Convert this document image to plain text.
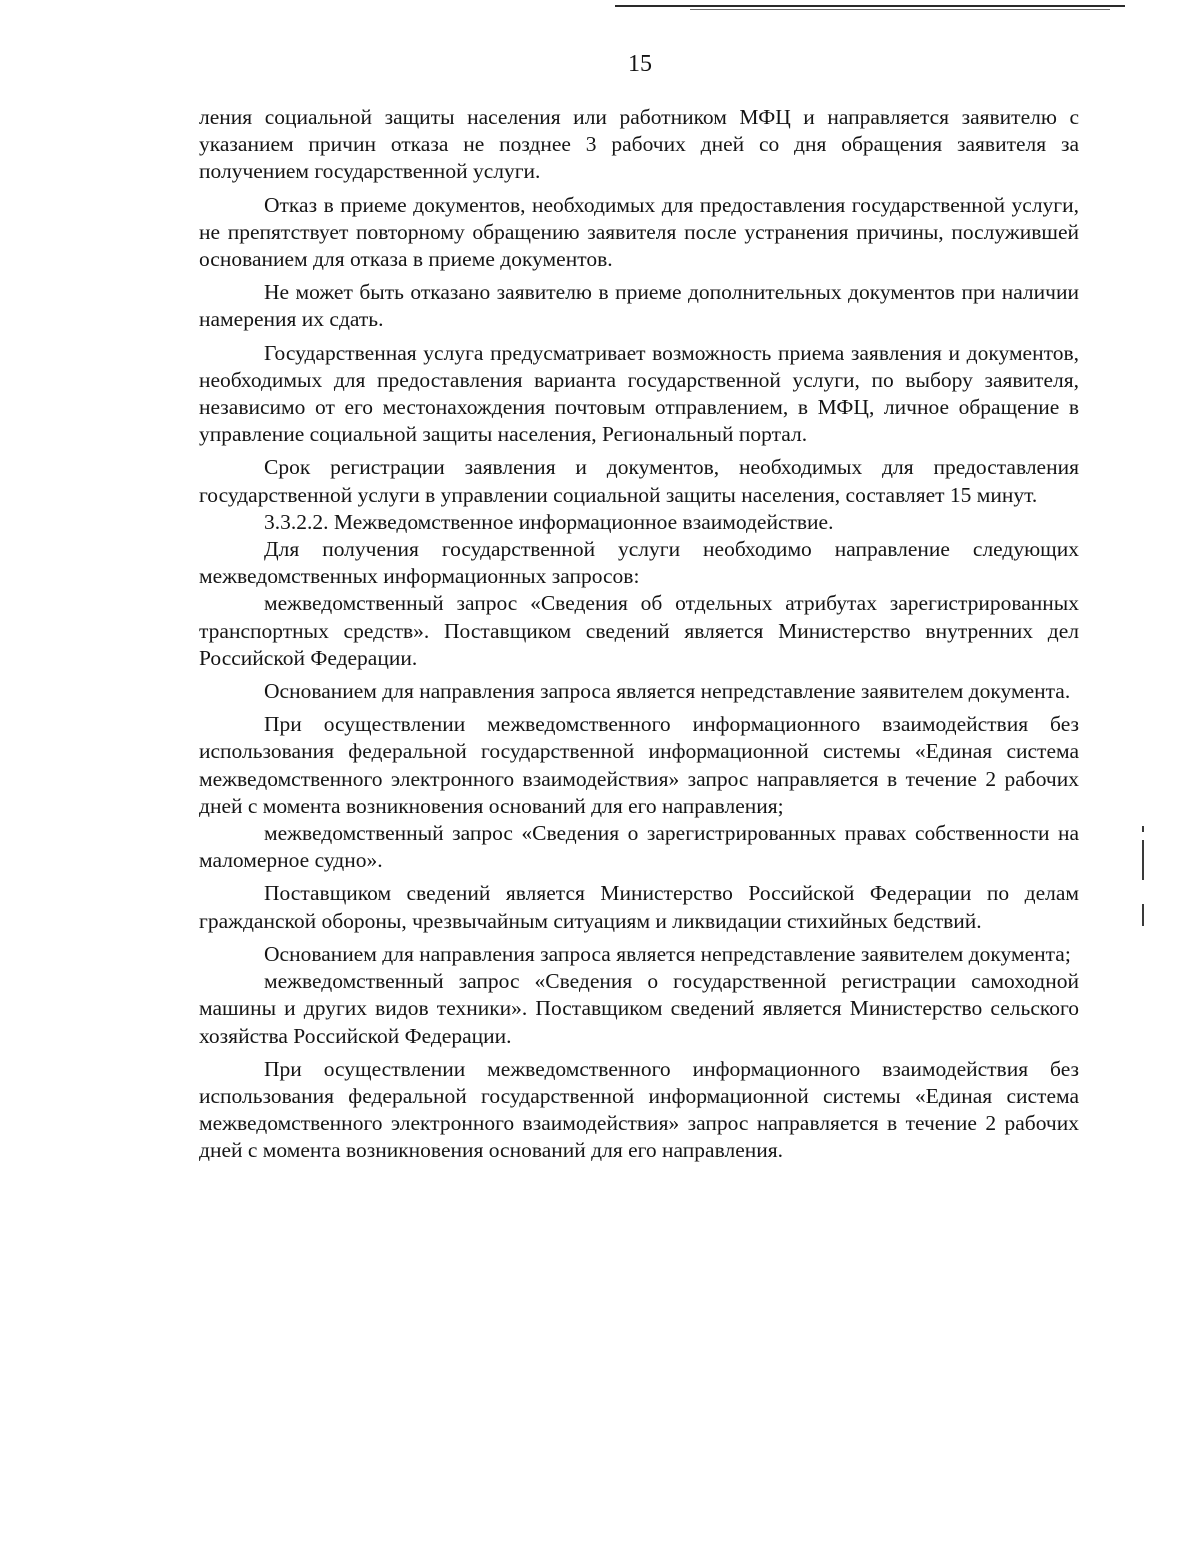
15

ления социальной защиты населения или работником МФЦ и направляется заявителю с указанием причин отказа не позднее 3 рабочих дней со дня обращения заявителя за получением государственной услуги.

Отказ в приеме документов, необходимых для предоставления государственной услуги, не препятствует повторному обращению заявителя после устранения причины, послужившей основанием для отказа в приеме документов.

Не может быть отказано заявителю в приеме дополнительных документов при наличии намерения их сдать.

Государственная услуга предусматривает возможность приема заявления и документов, необходимых для предоставления варианта государственной услуги, по выбору заявителя, независимо от его местонахождения почтовым отправлением, в МФЦ, личное обращение в управление социальной защиты населения, Региональный портал.

Срок регистрации заявления и документов, необходимых для предоставления государственной услуги в управлении социальной защиты населения, составляет 15 минут.

3.3.2.2. Межведомственное информационное взаимодействие.

Для получения государственной услуги необходимо направление следующих межведомственных информационных запросов:

межведомственный запрос «Сведения об отдельных атрибутах зарегистрированных транспортных средств». Поставщиком сведений является Министерство внутренних дел Российской Федерации.

Основанием для направления запроса является непредставление заявителем документа.

При осуществлении межведомственного информационного взаимодействия без использования федеральной государственной информационной системы «Единая система межведомственного электронного взаимодействия» запрос направляется в течение 2 рабочих дней с момента возникновения оснований для его направления;

межведомственный запрос «Сведения о зарегистрированных правах собственности на маломерное судно».

Поставщиком сведений является Министерство Российской Федерации по делам гражданской обороны, чрезвычайным ситуациям и ликвидации стихийных бедствий.

Основанием для направления запроса является непредставление заявителем документа;

межведомственный запрос «Сведения о государственной регистрации самоходной машины и других видов техники». Поставщиком сведений является Министерство сельского хозяйства Российской Федерации.

При осуществлении межведомственного информационного взаимодействия без использования федеральной государственной информационной системы «Единая система межведомственного электронного взаимодействия» запрос направляется в течение 2 рабочих дней с момента возникновения оснований для его направления.
